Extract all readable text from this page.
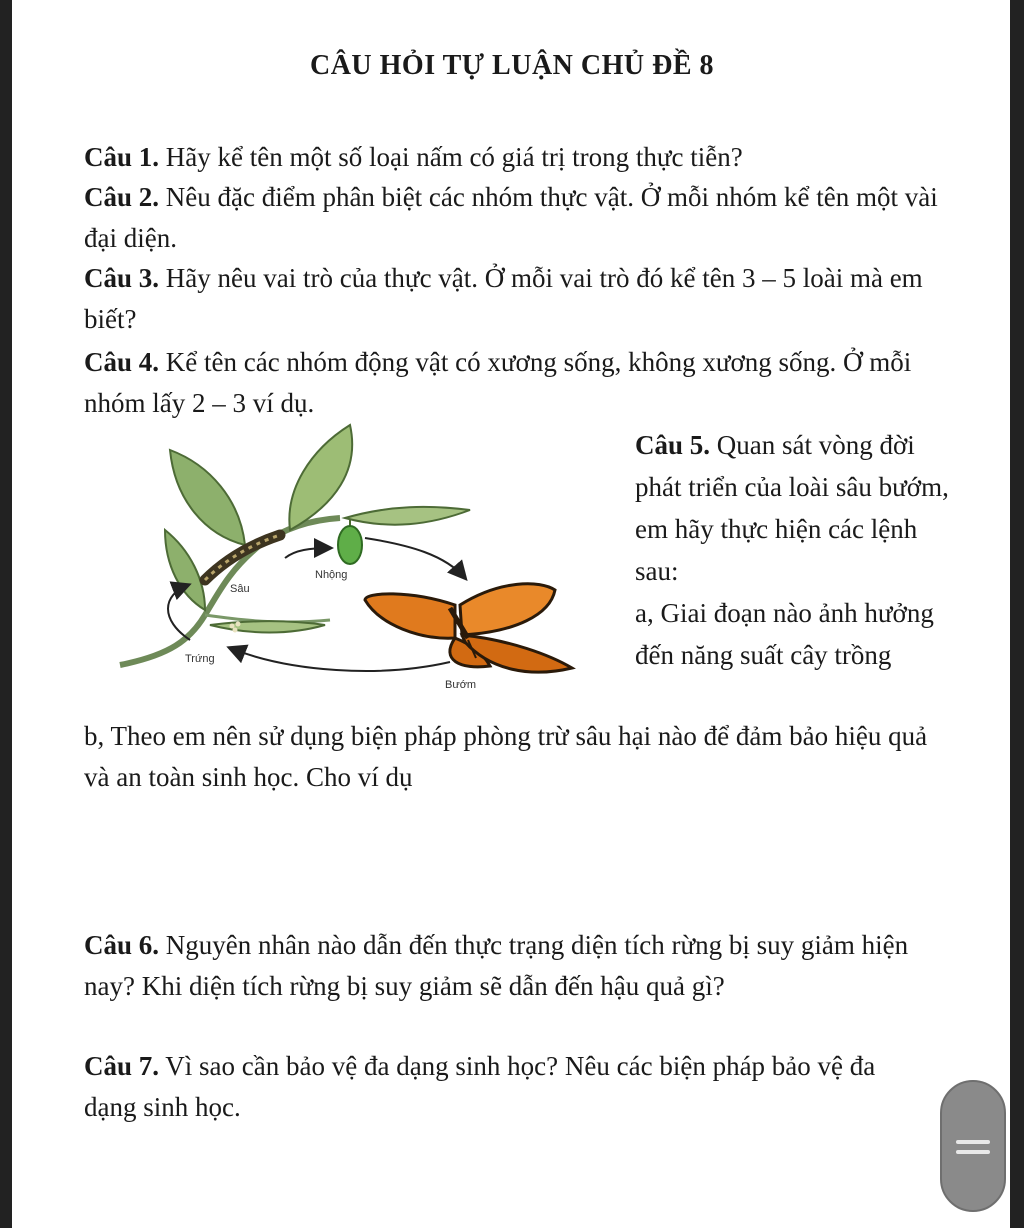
CÂU HỎI TỰ LUẬN CHỦ ĐỀ 8
Câu 1. Hãy kể tên một số loại nấm có giá trị trong thực tiễn?
Câu 2. Nêu đặc điểm phân biệt các nhóm thực vật. Ở mỗi nhóm kể tên một vài đại diện.
Câu 3. Hãy nêu vai trò của thực vật. Ở mỗi vai trò đó kể tên 3 – 5 loài mà em biết?
Câu 4. Kể tên các nhóm động vật có xương sống, không xương sống. Ở mỗi nhóm lấy 2 – 3 ví dụ.
Sâu
Nhộng
Trứng
Bướm
Câu 5. Quan sát vòng đời phát triển của loài sâu bướm, em hãy thực hiện các lệnh sau:
a, Giai đoạn nào ảnh hưởng đến năng suất cây trồng
b, Theo em nên sử dụng biện pháp phòng trừ sâu hại nào để đảm bảo hiệu quả và an toàn sinh học. Cho ví dụ
Câu 6. Nguyên nhân nào dẫn đến thực trạng diện tích rừng bị suy giảm hiện nay? Khi diện tích rừng bị suy giảm sẽ dẫn đến hậu quả gì?
Câu 7. Vì sao cần bảo vệ đa dạng sinh học? Nêu các biện pháp bảo vệ đa dạng sinh học.
